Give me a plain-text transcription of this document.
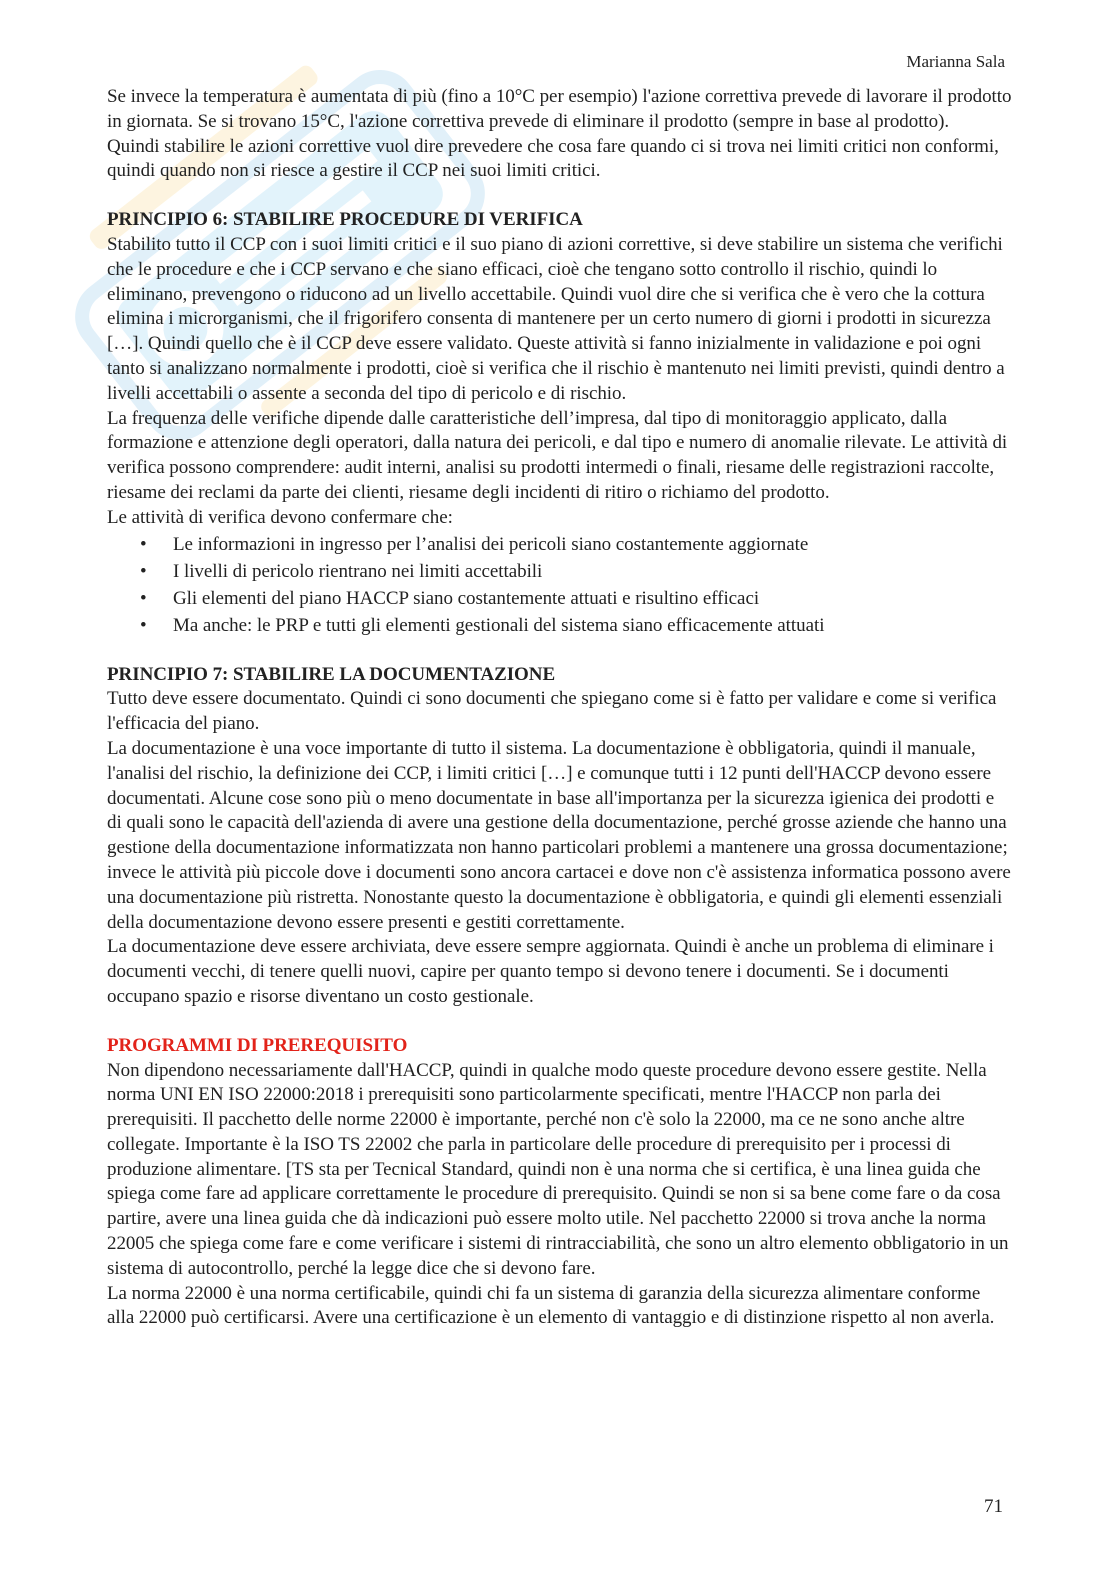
Marianna Sala

Se invece la temperatura è aumentata di più (fino a 10°C per esempio) l'azione correttiva prevede di lavorare il prodotto in giornata. Se si trovano 15°C, l'azione correttiva prevede di eliminare il prodotto (sempre in base al prodotto).

Quindi stabilire le azioni correttive vuol dire prevedere che cosa fare quando ci si trova nei limiti critici non conformi, quindi quando non si riesce a gestire il CCP nei suoi limiti critici.

PRINCIPIO 6: STABILIRE PROCEDURE DI VERIFICA

Stabilito tutto il CCP con i suoi limiti critici e il suo piano di azioni correttive, si deve stabilire un sistema che verifichi che le procedure e che i CCP servano e che siano efficaci, cioè che tengano sotto controllo il rischio, quindi lo eliminano, prevengono o riducono ad un livello accettabile. Quindi vuol dire che si verifica che è vero che la cottura elimina i microrganismi, che il frigorifero consenta di mantenere per un certo numero di giorni i prodotti in sicurezza […]. Quindi quello che è il CCP deve essere validato. Queste attività si fanno inizialmente in validazione e poi ogni tanto si analizzano normalmente i prodotti, cioè si verifica che il rischio è mantenuto nei limiti previsti, quindi dentro a livelli accettabili o assente a seconda del tipo di pericolo e di rischio.

La frequenza delle verifiche dipende dalle caratteristiche dell’impresa, dal tipo di monitoraggio applicato, dalla formazione e attenzione degli operatori, dalla natura dei pericoli, e dal tipo e numero di anomalie rilevate. Le attività di verifica possono comprendere: audit interni, analisi su prodotti intermedi o finali, riesame delle registrazioni raccolte, riesame dei reclami da parte dei clienti, riesame degli incidenti di ritiro o richiamo del prodotto.

Le attività di verifica devono confermare che:

• Le informazioni in ingresso per l’analisi dei pericoli siano costantemente aggiornate
• I livelli di pericolo rientrano nei limiti accettabili
• Gli elementi del piano HACCP siano costantemente attuati e risultino efficaci
• Ma anche: le PRP e tutti gli elementi gestionali del sistema siano efficacemente attuati
PRINCIPIO 7: STABILIRE LA DOCUMENTAZIONE

Tutto deve essere documentato. Quindi ci sono documenti che spiegano come si è fatto per validare e come si verifica l'efficacia del piano.

La documentazione è una voce importante di tutto il sistema. La documentazione è obbligatoria, quindi il manuale, l'analisi del rischio, la definizione dei CCP, i limiti critici […] e comunque tutti i 12 punti dell'HACCP devono essere documentati. Alcune cose sono più o meno documentate in base all'importanza per la sicurezza igienica dei prodotti e di quali sono le capacità dell'azienda di avere una gestione della documentazione, perché grosse aziende che hanno una gestione della documentazione informatizzata non hanno particolari problemi a mantenere una grossa documentazione; invece le attività più piccole dove i documenti sono ancora cartacei e dove non c'è assistenza informatica possono avere una documentazione più ristretta. Nonostante questo la documentazione è obbligatoria, e quindi gli elementi essenziali della documentazione devono essere presenti e gestiti correttamente.

La documentazione deve essere archiviata, deve essere sempre aggiornata. Quindi è anche un problema di eliminare i documenti vecchi, di tenere quelli nuovi, capire per quanto tempo si devono tenere i documenti. Se i documenti occupano spazio e risorse diventano un costo gestionale.

PROGRAMMI DI PREREQUISITO

Non dipendono necessariamente dall'HACCP, quindi in qualche modo queste procedure devono essere gestite. Nella norma UNI EN ISO 22000:2018 i prerequisiti sono particolarmente specificati, mentre l'HACCP non parla dei prerequisiti. Il pacchetto delle norme 22000 è importante, perché non c'è solo la 22000, ma ce ne sono anche altre collegate. Importante è la ISO TS 22002 che parla in particolare delle procedure di prerequisito per i processi di produzione alimentare. [TS sta per Tecnical Standard, quindi non è una norma che si certifica, è una linea guida che spiega come fare ad applicare correttamente le procedure di prerequisito. Quindi se non si sa bene come fare o da cosa partire, avere una linea guida che dà indicazioni può essere molto utile. Nel pacchetto 22000 si trova anche la norma 22005 che spiega come fare e come verificare i sistemi di rintracciabilità, che sono un altro elemento obbligatorio in un sistema di autocontrollo, perché la legge dice che si devono fare.

La norma 22000 è una norma certificabile, quindi chi fa un sistema di garanzia della sicurezza alimentare conforme alla 22000 può certificarsi. Avere una certificazione è un elemento di vantaggio e di distinzione rispetto al non averla.

71
